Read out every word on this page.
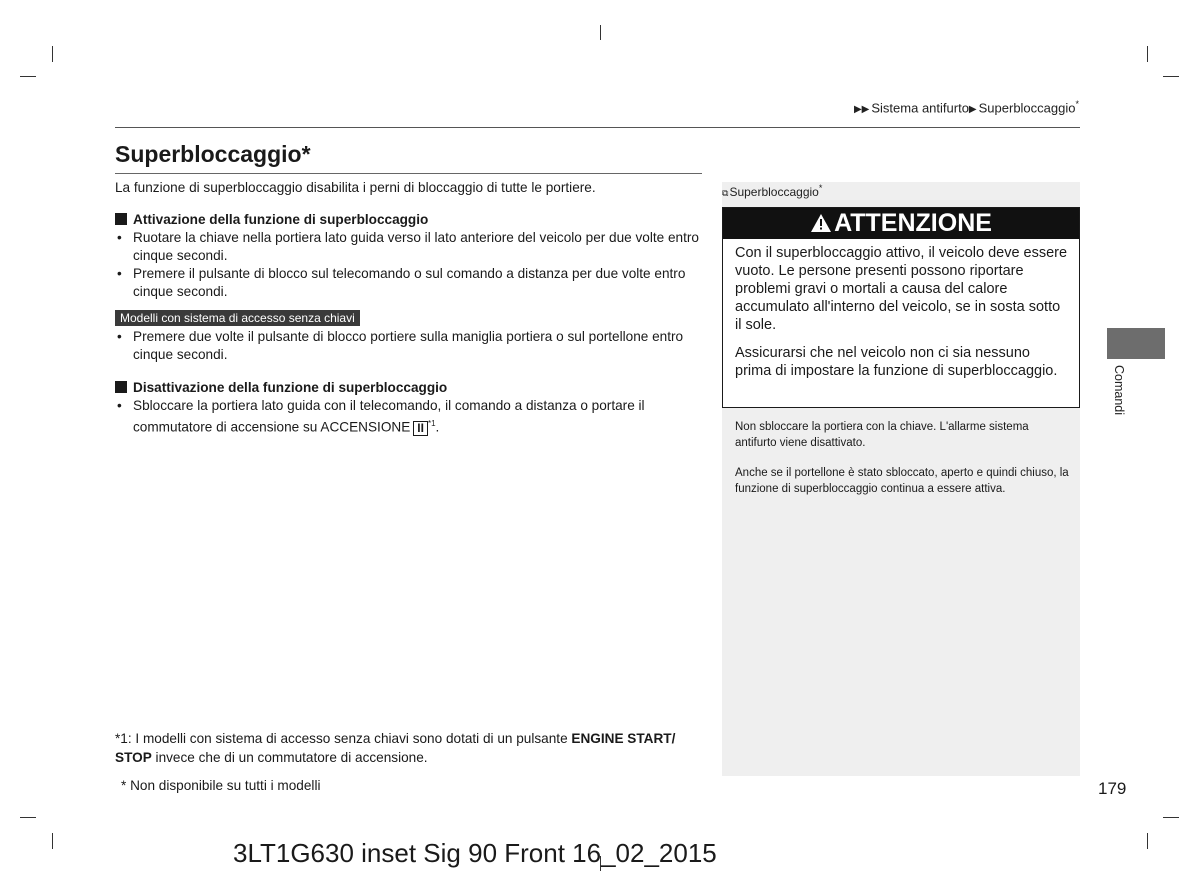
▶▶ Sistema antifurto▶ Superbloccaggio*
Superbloccaggio*
La funzione di superbloccaggio disabilita i perni di bloccaggio di tutte le portiere.
Attivazione della funzione di superbloccaggio
• Ruotare la chiave nella portiera lato guida verso il lato anteriore del veicolo per due volte entro cinque secondi.
• Premere il pulsante di blocco sul telecomando o sul comando a distanza per due volte entro cinque secondi.
Modelli con sistema di accesso senza chiavi
• Premere due volte il pulsante di blocco portiere sulla maniglia portiera o sul portellone entro cinque secondi.
Disattivazione della funzione di superbloccaggio
• Sbloccare la portiera lato guida con il telecomando, il comando a distanza o portare il commutatore di accensione su ACCENSIONE II $^{*1}$.
*1: I modelli con sistema di accesso senza chiavi sono dotati di un pulsante ENGINE START/
STOP invece che di un commutatore di accensione.
* Non disponibile su tutti i modelli
⧉Superbloccaggio*
ATTENZIONE

Con il superbloccaggio attivo, il veicolo deve essere vuoto. Le persone presenti possono riportare problemi gravi o mortali a causa del calore accumulato all'interno del veicolo, se in sosta sotto il sole.

Assicurarsi che nel veicolo non ci sia nessuno prima di impostare la funzione di superbloccaggio.

Non sbloccare la portiera con la chiave. L'allarme sistema antifurto viene disattivato.

Anche se il portellone è stato sbloccato, aperto e quindi chiuso, la funzione di superbloccaggio continua a essere attiva.

Comandi
179
3LT1G630 inset Sig 90 Front 16_02_2015
